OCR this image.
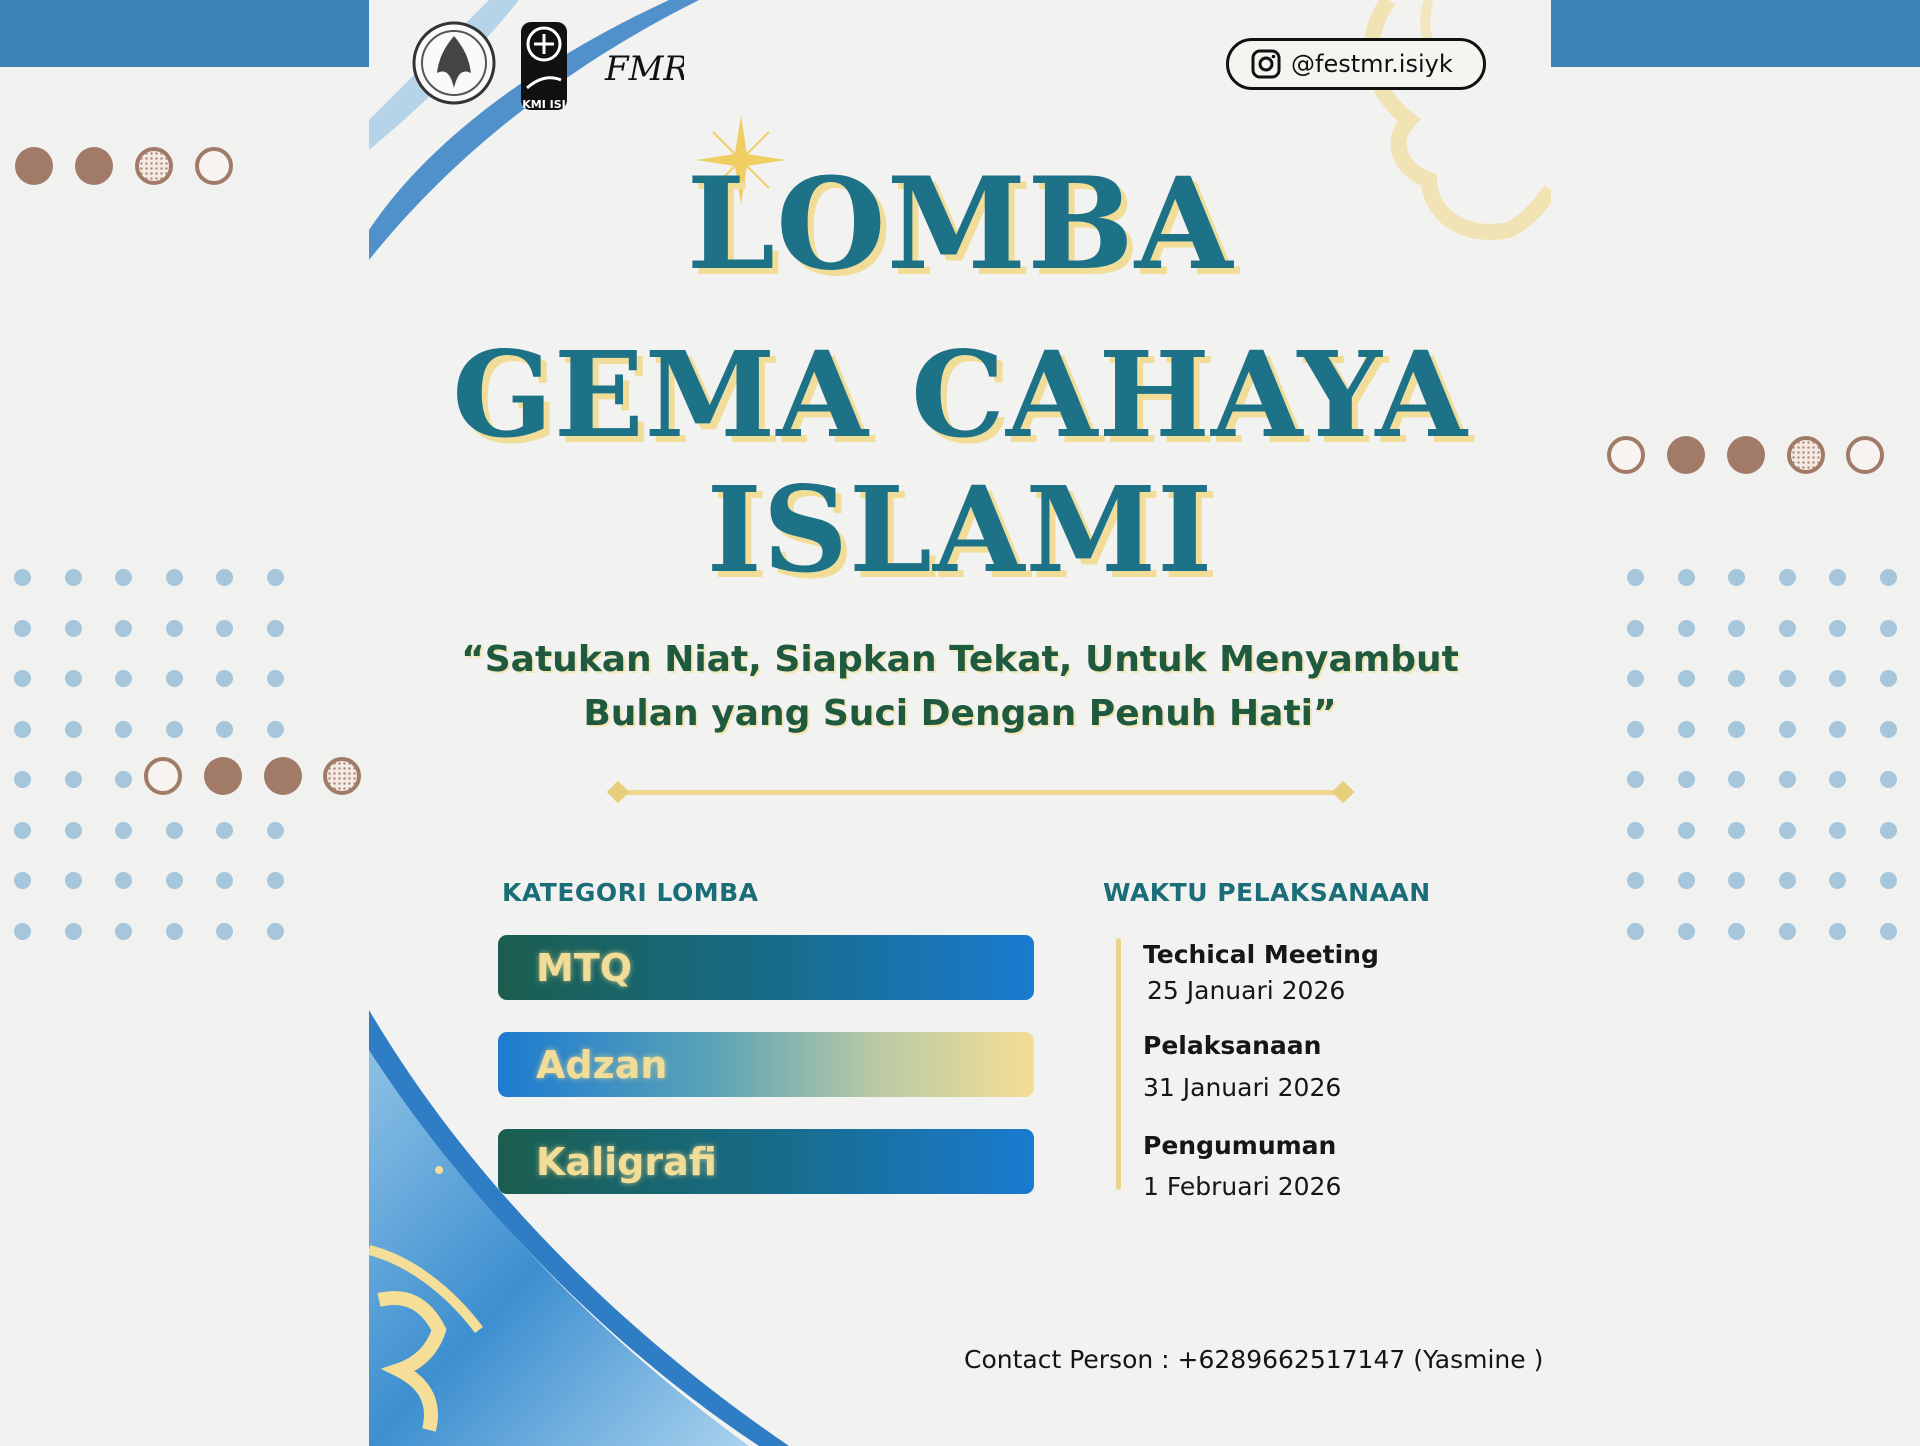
KMI ISI
FMR	@festmr.isiyk
LOMBA
GEMA CAHAYA
ISLAMI
“Satukan Niat, Siapkan Tekat, Untuk Menyambut
Bulan yang Suci Dengan Penuh Hati”
KATEGORI LOMBA
MTQ
Adzan
Kaligrafi
WAKTU PELAKSANAAN
Techical Meeting
25 Januari 2026
Pelaksanaan
31 Januari 2026
Pengumuman
1 Februari 2026
Contact Person : +6289662517147 (Yasmine )
